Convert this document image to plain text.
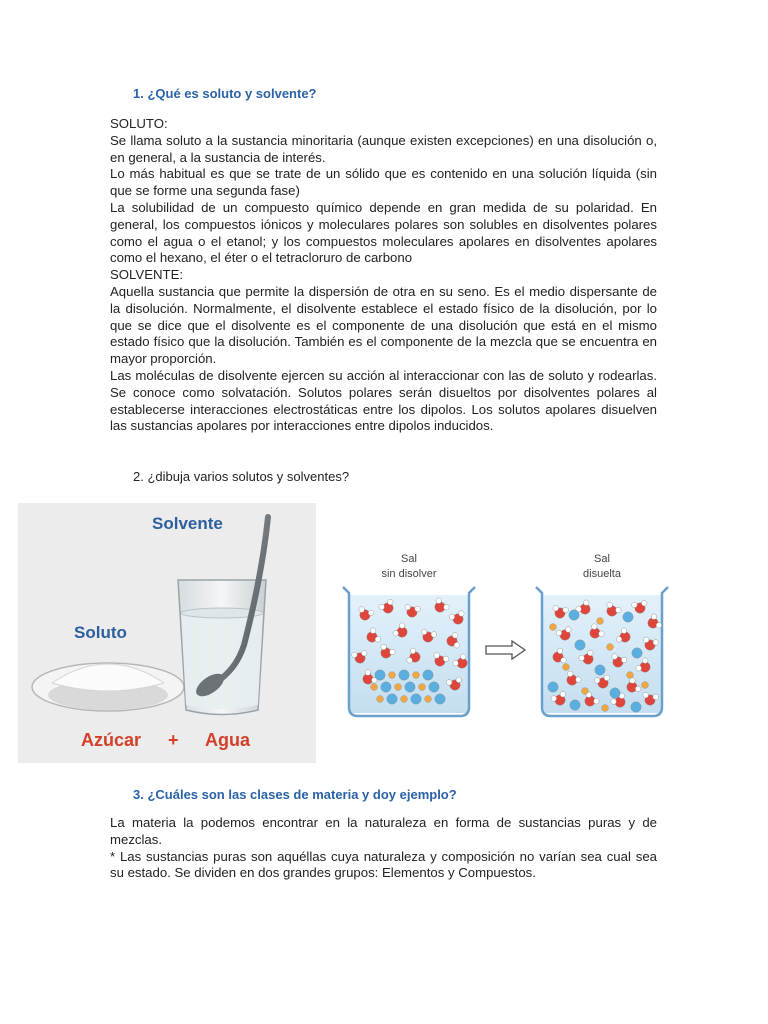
1. ¿Qué es soluto y solvente?

SOLUTO:

Se llama soluto a la sustancia minoritaria (aunque existen excepciones) en una disolución o, en general, a la sustancia de interés.

Lo más habitual es que se trate de un sólido que es contenido en una solución líquida (sin que se forme una segunda fase)

La solubilidad de un compuesto químico depende en gran medida de su polaridad. En general, los compuestos iónicos y moleculares polares son solubles en disolventes polares como el agua o el etanol; y los compuestos moleculares apolares en disolventes apolares como el hexano, el éter o el tetracloruro de carbono

SOLVENTE:

Aquella sustancia que permite la dispersión de otra en su seno. Es el medio dispersante de la disolución. Normalmente, el disolvente establece el estado físico de la disolución, por lo que se dice que el disolvente es el componente de una disolución que está en el mismo estado físico que la disolución. También es el componente de la mezcla que se encuentra en mayor proporción.

Las moléculas de disolvente ejercen su acción al interaccionar con las de soluto y rodearlas. Se conoce como solvatación. Solutos polares serán disueltos por disolventes polares al establecerse interacciones electrostáticas entre los dipolos. Los solutos apolares disuelven las sustancias apolares por interacciones entre dipolos inducidos.

2. ¿dibuja varios solutos y solventes?
Solvente
Soluto
Azúcar + Agua
Sal
sin disolver
Sal
disuelta
3. ¿Cuáles son las clases de materia y doy ejemplo?

La materia la podemos encontrar en la naturaleza en forma de sustancias puras y de mezclas.

* Las sustancias puras son aquéllas cuya naturaleza y composición no varían sea cual sea su estado. Se dividen en dos grandes grupos: Elementos y Compuestos.
